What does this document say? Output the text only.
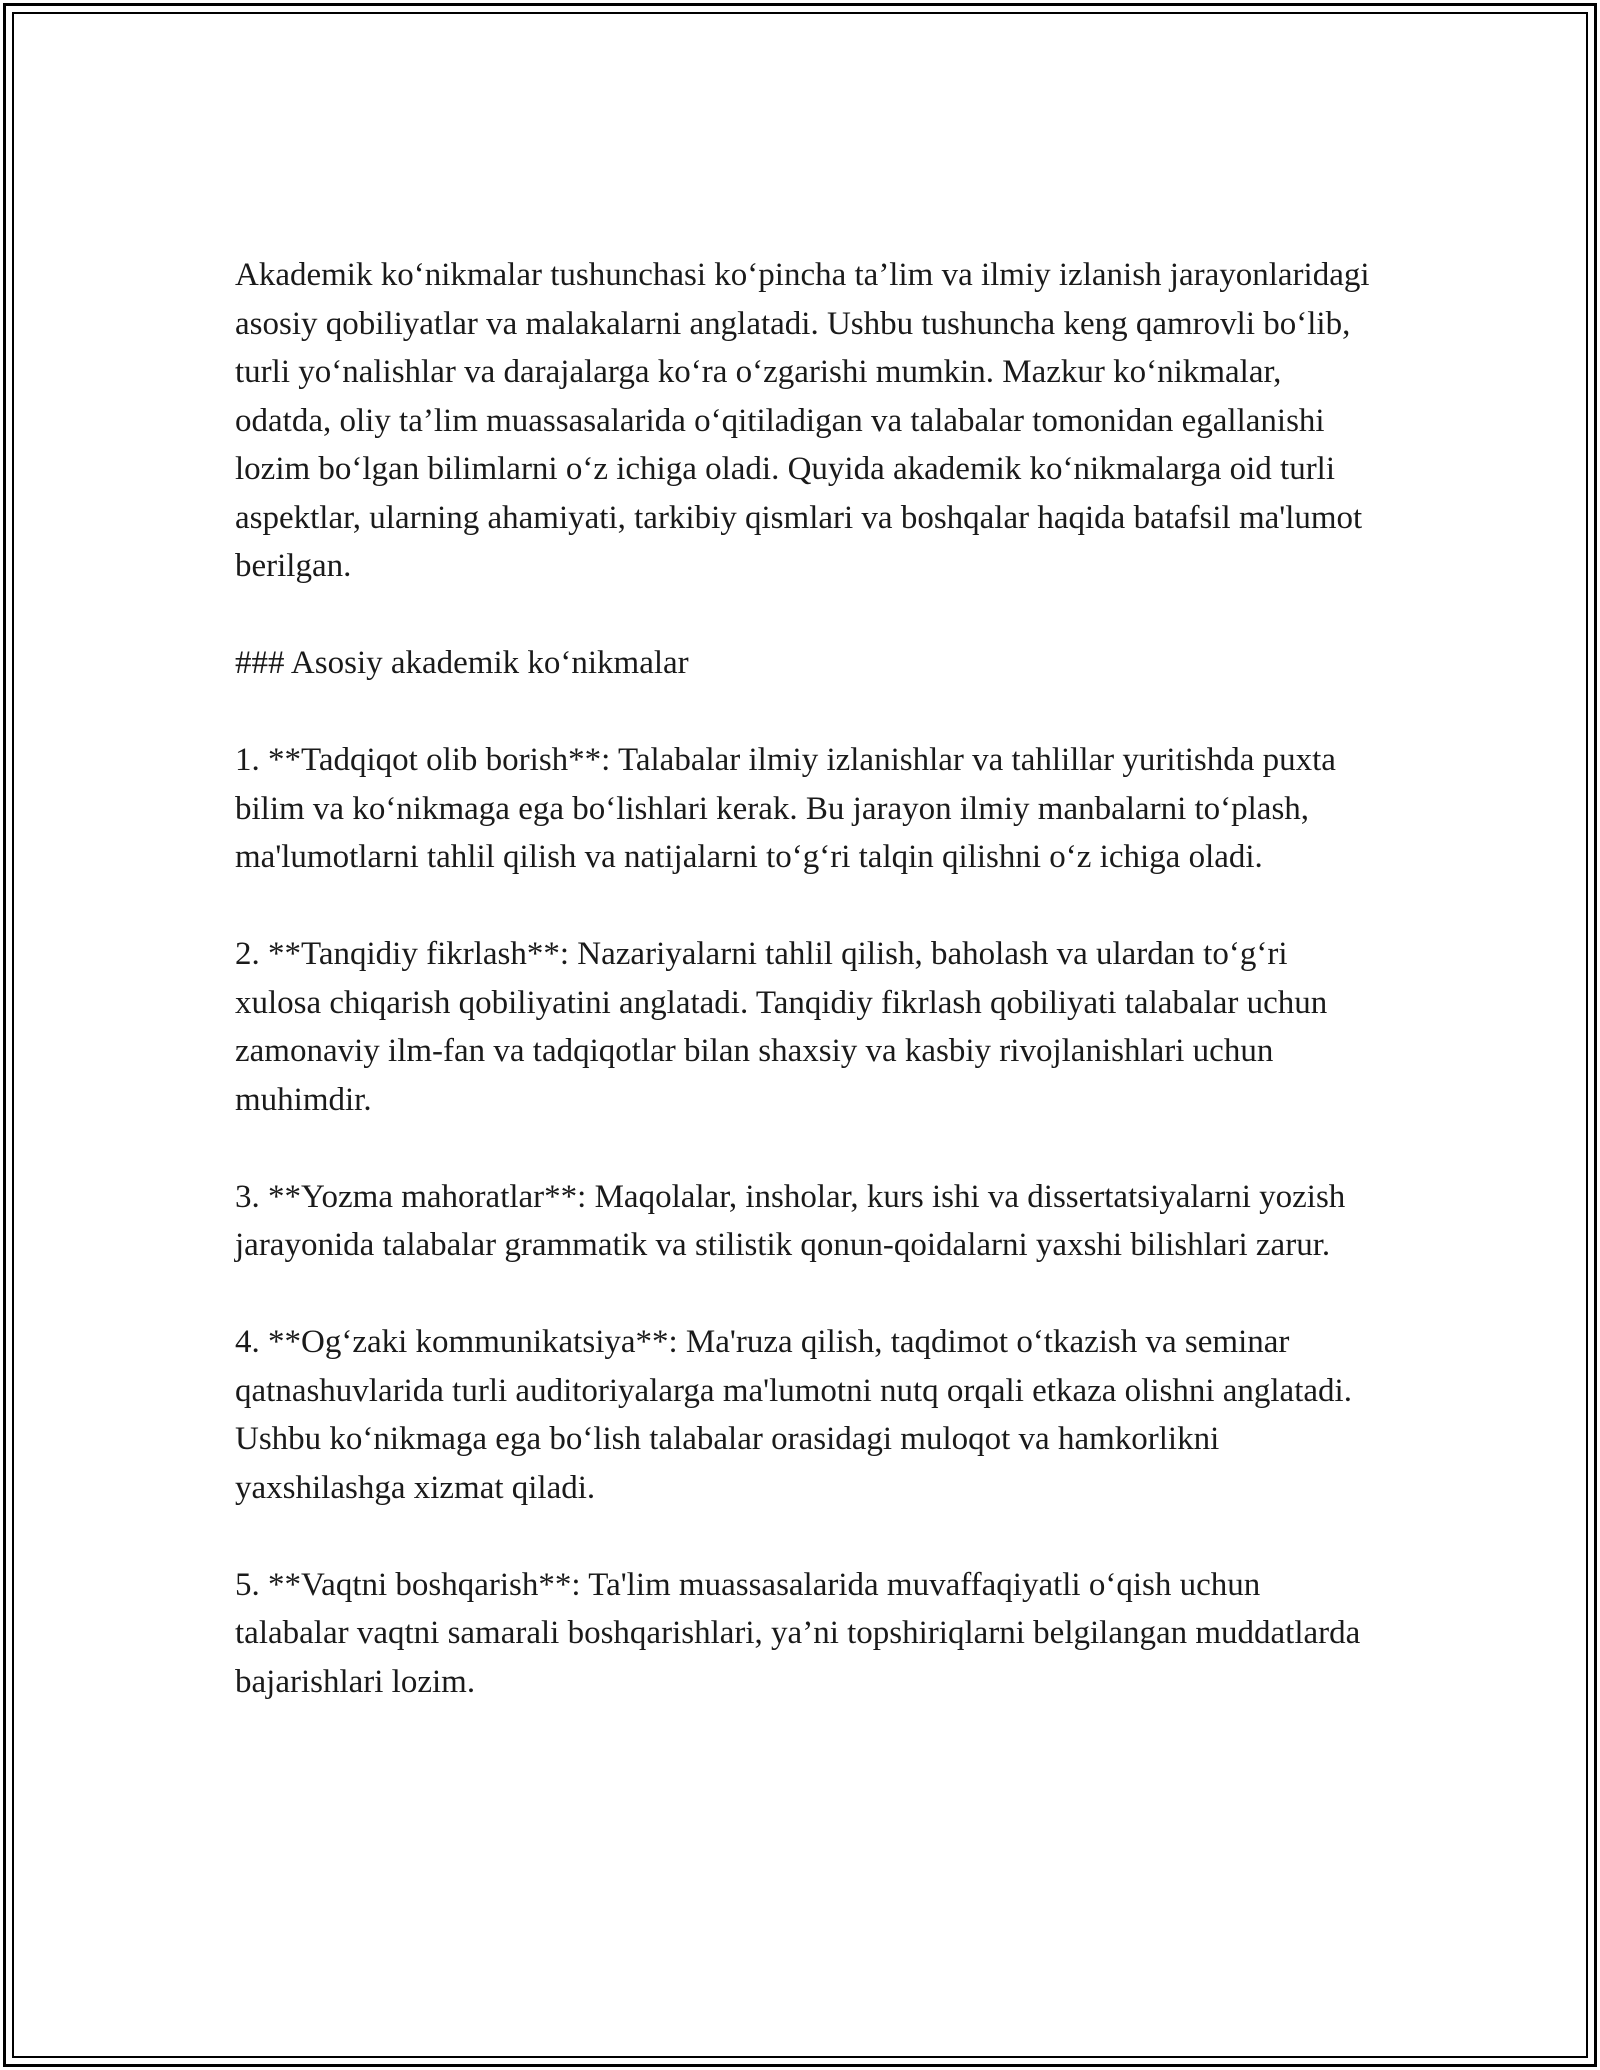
Akademik ko‘nikmalar tushunchasi ko‘pincha ta’lim va ilmiy izlanish jarayonlaridagi asosiy qobiliyatlar va malakalarni anglatadi. Ushbu tushuncha keng qamrovli bo‘lib, turli yo‘nalishlar va darajalarga ko‘ra o‘zgarishi mumkin. Mazkur ko‘nikmalar, odatda, oliy ta’lim muassasalarida o‘qitiladigan va talabalar tomonidan egallanishi lozim bo‘lgan bilimlarni o‘z ichiga oladi. Quyida akademik ko‘nikmalarga oid turli aspektlar, ularning ahamiyati, tarkibiy qismlari va boshqalar haqida batafsil ma'lumot berilgan.

### Asosiy akademik ko‘nikmalar

1. **Tadqiqot olib borish**: Talabalar ilmiy izlanishlar va tahlillar yuritishda puxta bilim va ko‘nikmaga ega bo‘lishlari kerak. Bu jarayon ilmiy manbalarni to‘plash, ma'lumotlarni tahlil qilish va natijalarni to‘g‘ri talqin qilishni o‘z ichiga oladi.

2. **Tanqidiy fikrlash**: Nazariyalarni tahlil qilish, baholash va ulardan to‘g‘ri xulosa chiqarish qobiliyatini anglatadi. Tanqidiy fikrlash qobiliyati talabalar uchun zamonaviy ilm-fan va tadqiqotlar bilan shaxsiy va kasbiy rivojlanishlari uchun muhimdir.

3. **Yozma mahoratlar**: Maqolalar, insholar, kurs ishi va dissertatsiyalarni yozish jarayonida talabalar grammatik va stilistik qonun-qoidalarni yaxshi bilishlari zarur.

4. **Og‘zaki kommunikatsiya**: Ma'ruza qilish, taqdimot o‘tkazish va seminar qatnashuvlarida turli auditoriyalarga ma'lumotni nutq orqali etkaza olishni anglatadi. Ushbu ko‘nikmaga ega bo‘lish talabalar orasidagi muloqot va hamkorlikni yaxshilashga xizmat qiladi.

5. **Vaqtni boshqarish**: Ta'lim muassasalarida muvaffaqiyatli o‘qish uchun talabalar vaqtni samarali boshqarishlari, ya’ni topshiriqlarni belgilangan muddatlarda bajarishlari lozim.
